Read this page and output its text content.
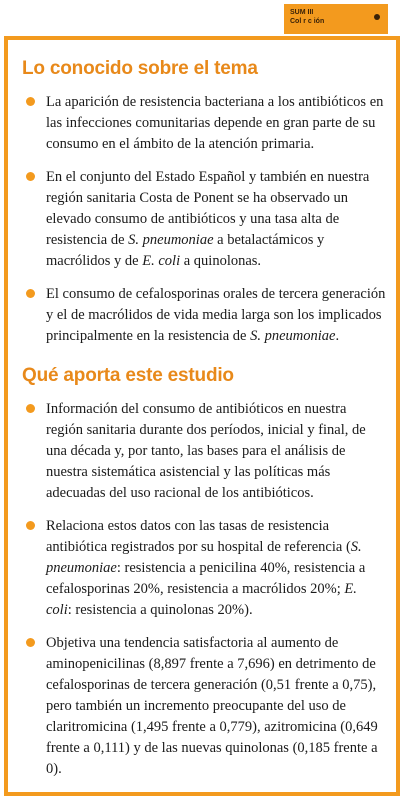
SUM III
Col r c ión
Lo conocido sobre el tema
La aparición de resistencia bacteriana a los antibióticos en las infecciones comunitarias depende en gran parte de su consumo en el ámbito de la atención primaria.
En el conjunto del Estado Español y también en nuestra región sanitaria Costa de Ponent se ha observado un elevado consumo de antibióticos y una tasa alta de resistencia de S. pneumoniae a betalactámicos y macrólidos y de E. coli a quinolonas.
El consumo de cefalosporinas orales de tercera generación y el de macrólidos de vida media larga son los implicados principalmente en la resistencia de S. pneumoniae.
Qué aporta este estudio
Información del consumo de antibióticos en nuestra región sanitaria durante dos períodos, inicial y final, de una década y, por tanto, las bases para el análisis de nuestra sistemática asistencial y las políticas más adecuadas del uso racional de los antibióticos.
Relaciona estos datos con las tasas de resistencia antibiótica registrados por su hospital de referencia (S. pneumoniae: resistencia a penicilina 40%, resistencia a cefalosporinas 20%, resistencia a macrólidos 20%; E. coli: resistencia a quinolonas 20%).
Objetiva una tendencia satisfactoria al aumento de aminopenicilinas (8,897 frente a 7,696) en detrimento de cefalosporinas de tercera generación (0,51 frente a 0,75), pero también un incremento preocupante del uso de claritromicina (1,495 frente a 0,779), azitromicina (0,649 frente a 0,111) y de las nuevas quinolonas (0,185 frente a 0).
